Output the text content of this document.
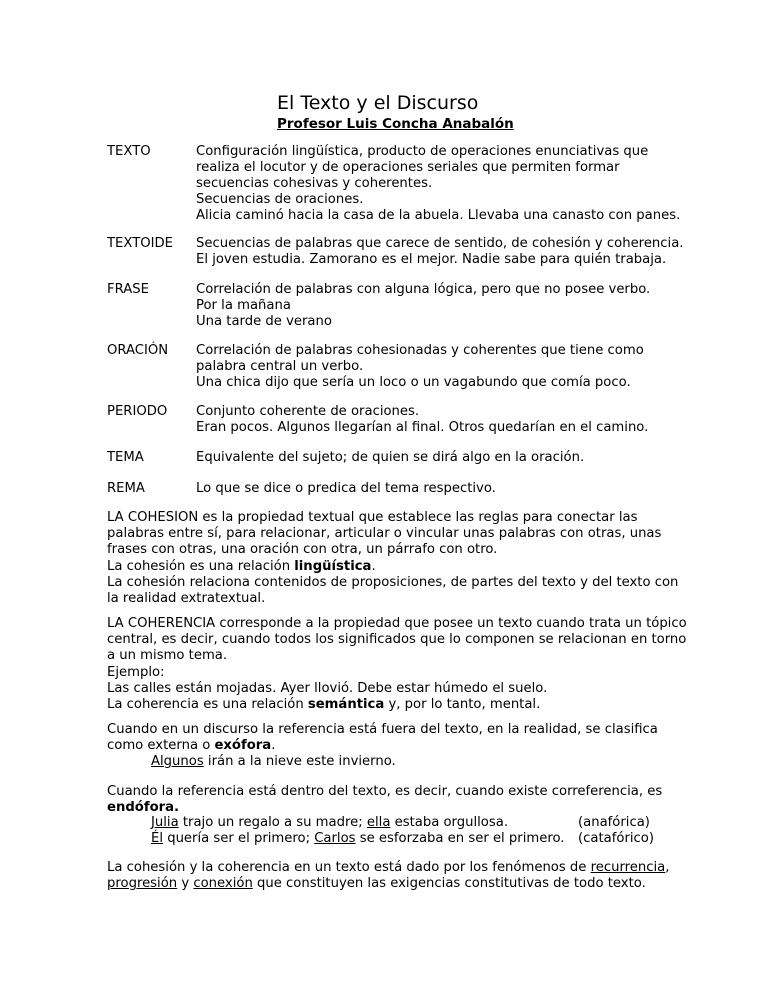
El Texto y el Discurso
Profesor Luis Concha Anabalón
TEXTO	Configuración lingüística, producto de operaciones enunciativas que
realiza el locutor y de operaciones seriales que permiten formar
secuencias cohesivas y coherentes.
Secuencias de oraciones.
Alicia caminó hacia la casa de la abuela. Llevaba una canasto con panes.
TEXTOIDE Secuencias de palabras que carece de sentido, de cohesión y coherencia.
El joven estudia. Zamorano es el mejor. Nadie sabe para quién trabaja.
FRASE	Correlación de palabras con alguna lógica, pero que no posee verbo.
Por la mañana
Una tarde de verano
ORACIÓN Correlación de palabras cohesionadas y coherentes que tiene como
palabra central un verbo.
Una chica dijo que sería un loco o un vagabundo que comía poco.
PERIODO Conjunto coherente de oraciones.
Eran pocos. Algunos llegarían al final. Otros quedarían en el camino.
TEMA	Equivalente del sujeto; de quien se dirá algo en la oración.
REMA	Lo que se dice o predica del tema respectivo.
LA COHESION es la propiedad textual que establece las reglas para conectar las
palabras entre sí, para relacionar, articular o vincular unas palabras con otras, unas
frases con otras, una oración con otra, un párrafo con otro.
La cohesión es una relación lingüística.
La cohesión relaciona contenidos de proposiciones, de partes del texto y del texto con
la realidad extratextual.
LA COHERENCIA corresponde a la propiedad que posee un texto cuando trata un tópico
central, es decir, cuando todos los significados que lo componen se relacionan en torno
a un mismo tema.
Ejemplo:
Las calles están mojadas. Ayer llovió. Debe estar húmedo el suelo.
La coherencia es una relación semántica y, por lo tanto, mental.
Cuando en un discurso la referencia está fuera del texto, en la realidad, se clasifica
como externa o exófora.
Algunos irán a la nieve este invierno.
Cuando la referencia está dentro del texto, es decir, cuando existe correferencia, es
endófora.
Julia trajo un regalo a su madre; ella estaba orgullosa.	(anafórica)
Él quería ser el primero; Carlos se esforzaba en ser el primero. (catafórico)
La cohesión y la coherencia en un texto está dado por los fenómenos de recurrencia,
progresión y conexión que constituyen las exigencias constitutivas de todo texto.
